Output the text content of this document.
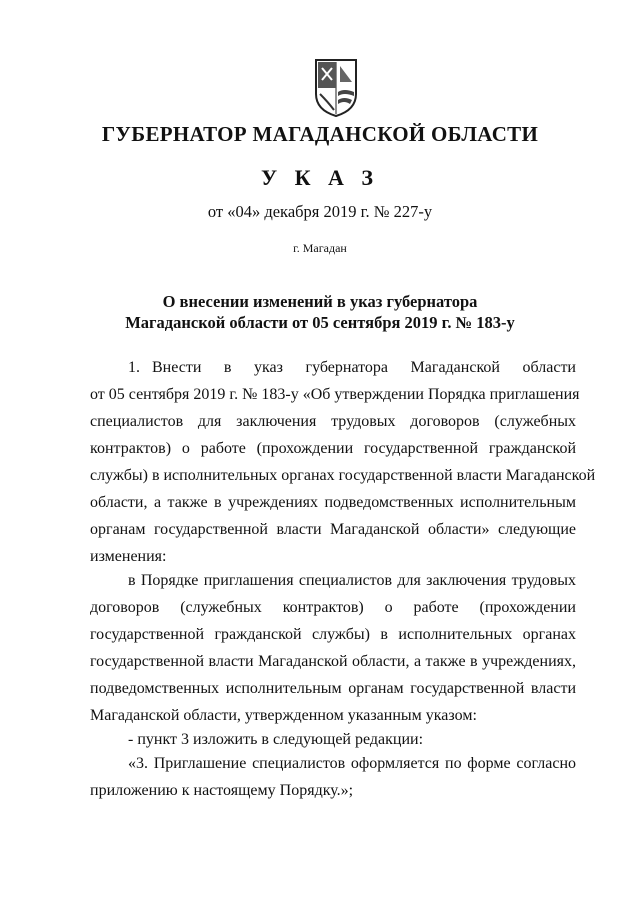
ГУБЕРНАТОР МАГАДАНСКОЙ ОБЛАСТИ
У К А З
от «04» декабря 2019 г. № 227-у
г. Магадан
О внесении изменений в указ губернатора
Магаданской области от 05 сентября 2019 г. № 183-у
1. Внести в указ губернатора Магаданской области
от 05 сентября 2019 г. № 183-у «Об утверждении Порядка приглашения
специалистов для заключения трудовых договоров (служебных
контрактов) о работе (прохождении государственной гражданской
службы) в исполнительных органах государственной власти Магаданской
области, а также в учреждениях подведомственных исполнительным
органам государственной власти Магаданской области» следующие
изменения:
в Порядке приглашения специалистов для заключения трудовых
договоров (служебных контрактов) о работе (прохождении
государственной гражданской службы) в исполнительных органах
государственной власти Магаданской области, а также в учреждениях,
подведомственных исполнительным органам государственной власти
Магаданской области, утвержденном указанным указом:
- пункт 3 изложить в следующей редакции:
«3. Приглашение специалистов оформляется по форме согласно
приложению к настоящему Порядку.»;
